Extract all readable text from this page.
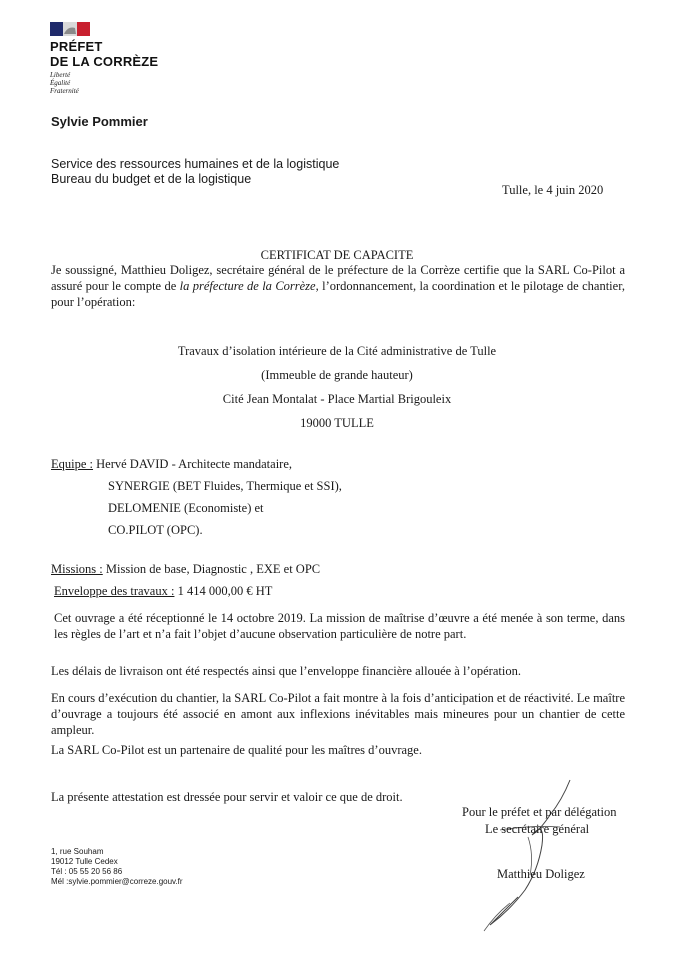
PRÉFET
DE LA CORRÈZE
Liberté
Égalité
Fraternité
Sylvie Pommier
Service des ressources humaines et de la logistique
Bureau du budget et de la logistique
Tulle, le 4 juin 2020
CERTIFICAT DE CAPACITE
Je soussigné, Matthieu Doligez, secrétaire général de le préfecture de la Corrèze certifie que la SARL Co-Pilot a assuré pour le compte de la préfecture de la Corrèze, l’ordonnancement, la coordination et le pilotage de chantier, pour l’opération:
Travaux d’isolation intérieure de la Cité administrative de Tulle
(Immeuble de grande hauteur)
Cité Jean Montalat - Place Martial Brigouleix
19000 TULLE
Equipe : Hervé DAVID - Architecte mandataire,
SYNERGIE (BET Fluides, Thermique et SSI),
DELOMENIE (Economiste) et
CO.PILOT (OPC).
Missions : Mission de base, Diagnostic , EXE et OPC
Enveloppe des travaux : 1 414 000,00 € HT
Cet ouvrage a été réceptionné le 14 octobre 2019. La mission de maîtrise d’œuvre a été menée à son terme, dans les règles de l’art et n’a fait l’objet d’aucune observation particulière de notre part.
Les délais de livraison ont été respectés ainsi que l’enveloppe financière allouée à l’opération.
En cours d’exécution du chantier, la SARL Co-Pilot a fait montre à la fois d’anticipation et de réactivité. Le maître d’ouvrage a toujours été associé en amont aux inflexions inévitables mais mineures pour un chantier de cette ampleur.
La SARL Co-Pilot est un partenaire de qualité pour les maîtres d’ouvrage.
La présente attestation est dressée pour servir et valoir ce que de droit.
Pour le préfet et par délégation
Le secrétaire général
Matthieu Doligez
1, rue Souham
19012 Tulle Cedex
Tél : 05 55 20 56 86
Mél :sylvie.pommier@correze.gouv.fr
